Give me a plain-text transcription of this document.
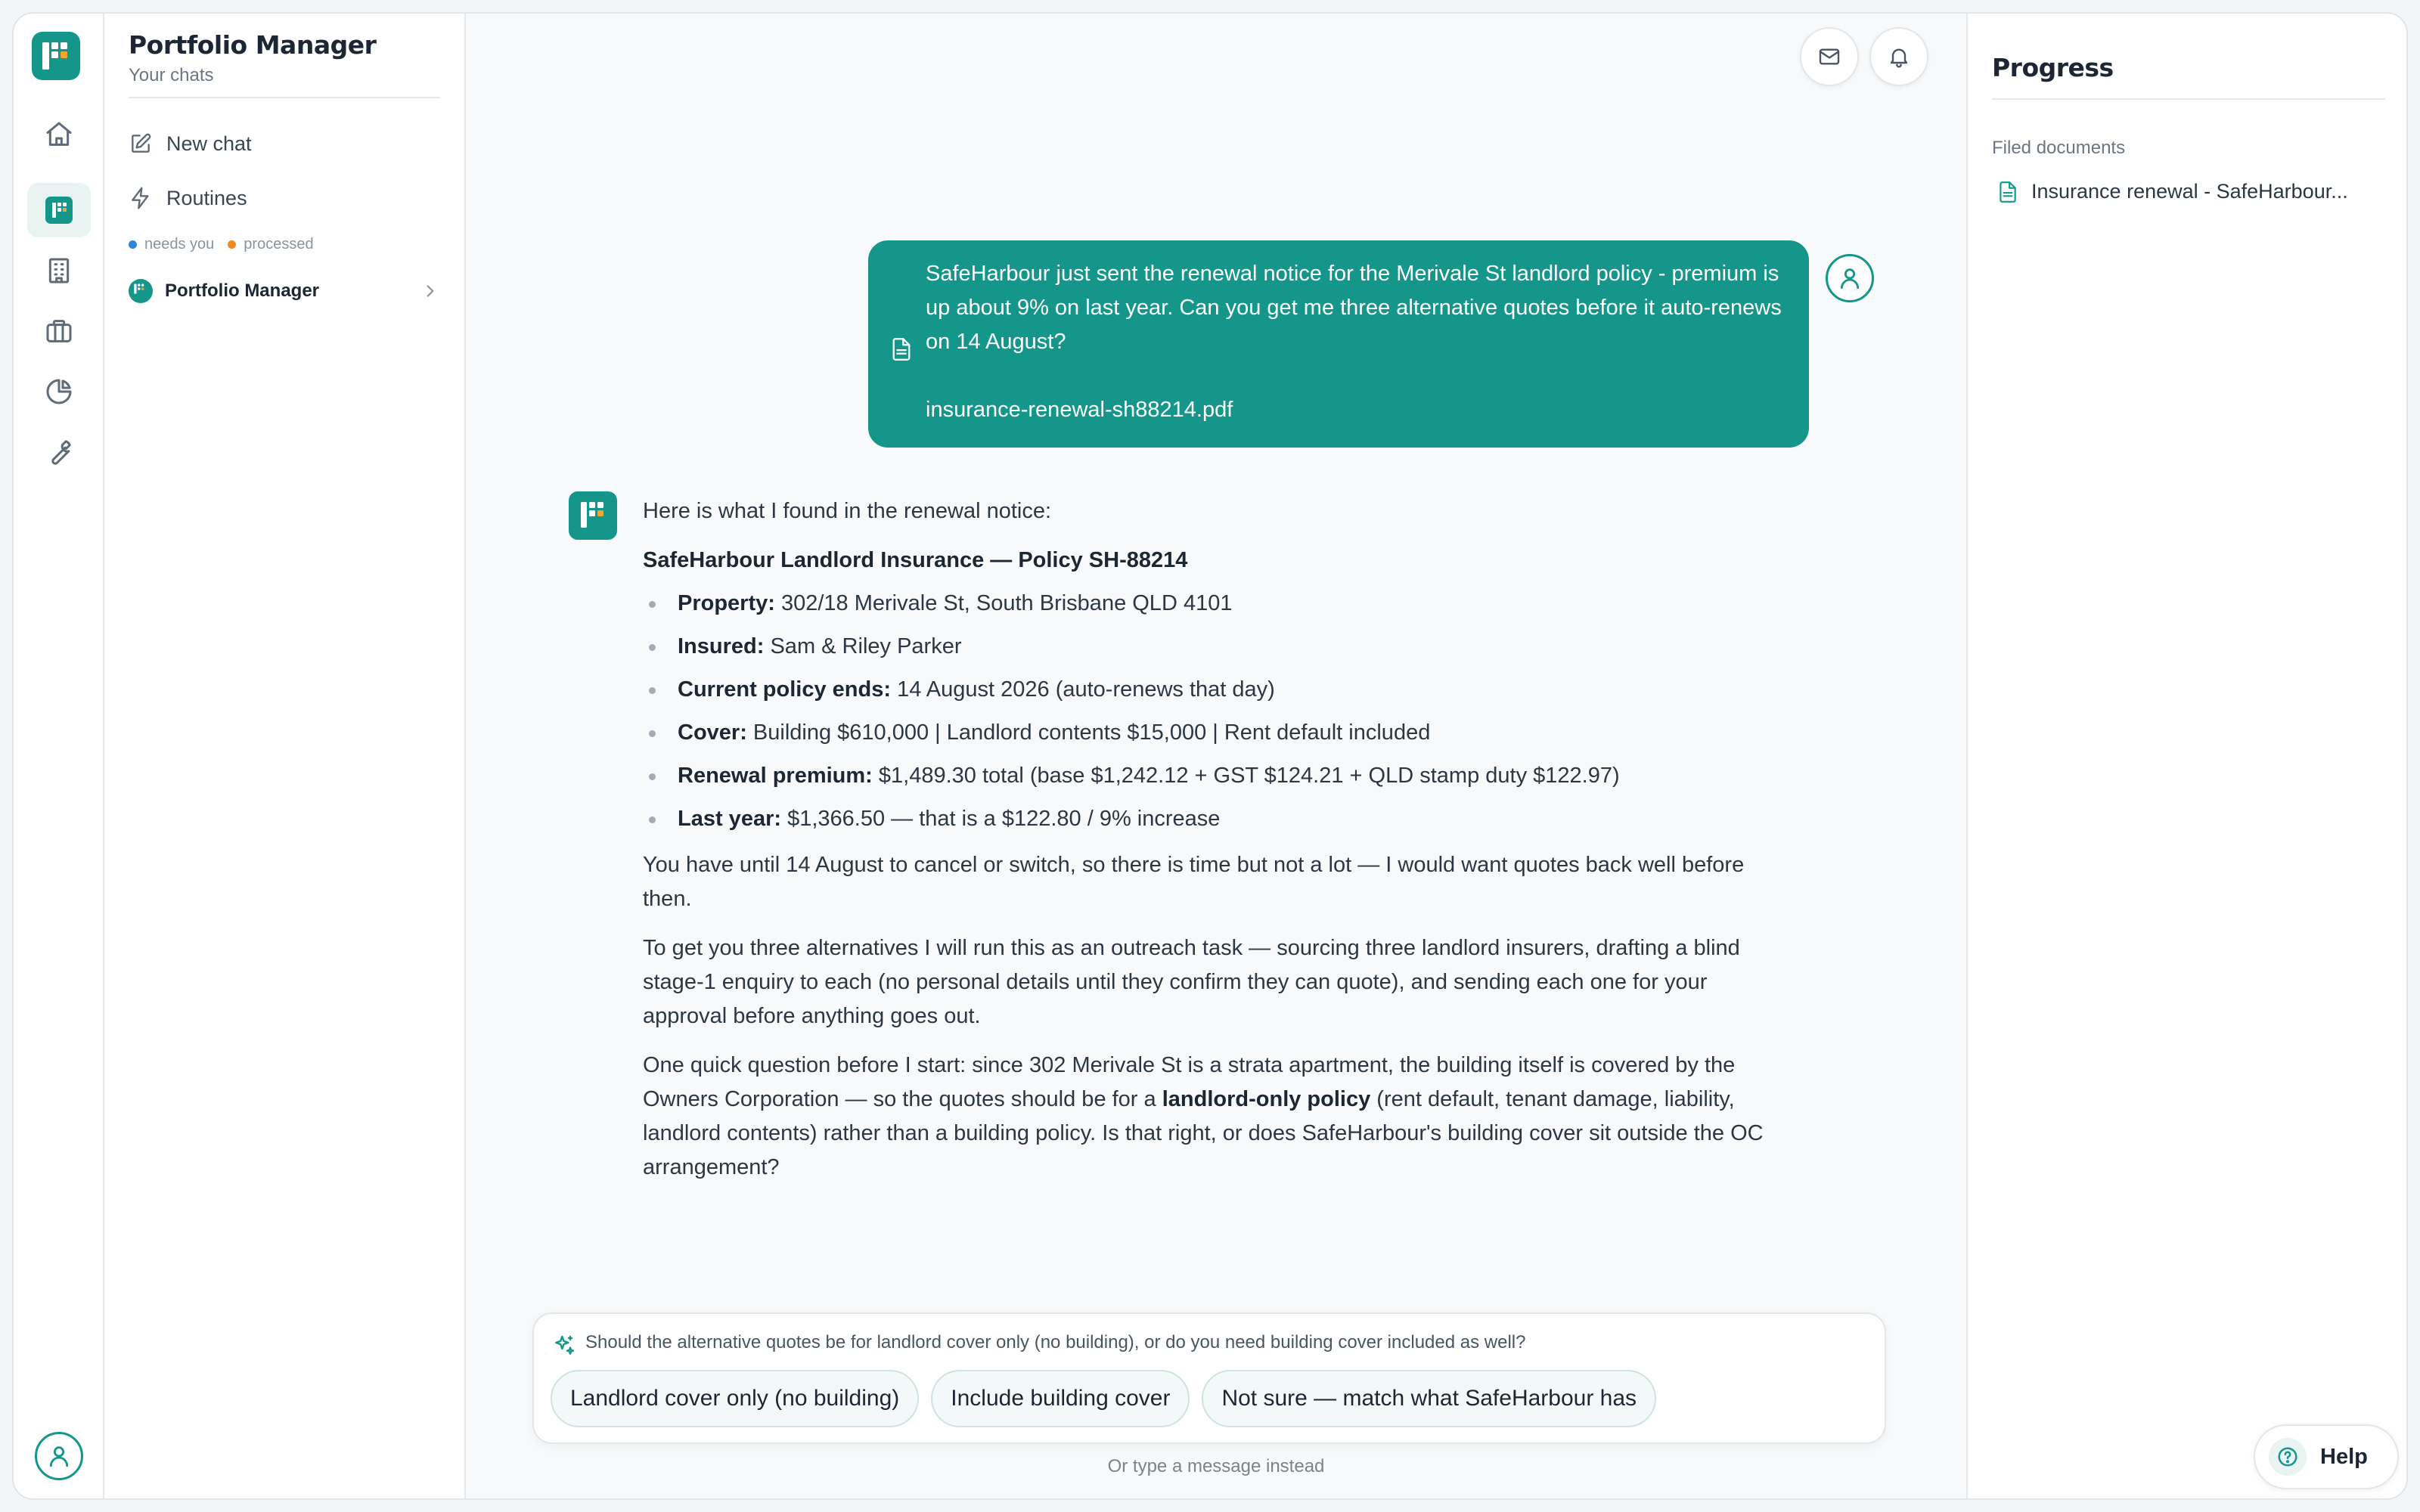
Portfolio Manager
Your chats
New chat
Routines
needs you processed
Portfolio Manager
SafeHarbour just sent the renewal notice for the Merivale St landlord policy - premium is up about 9% on last year. Can you get me three alternative quotes before it auto-renews on 14 August?
insurance-renewal-sh88214.pdf

Here is what I found in the renewal notice:

SafeHarbour Landlord Insurance — Policy SH-88214

Property: 302/18 Merivale St, South Brisbane QLD 4101
Insured: Sam & Riley Parker
Current policy ends: 14 August 2026 (auto-renews that day)
Cover: Building $610,000 | Landlord contents $15,000 | Rent default included
Renewal premium: $1,489.30 total (base $1,242.12 + GST $124.21 + QLD stamp duty $122.97)
Last year: $1,366.50 — that is a $122.80 / 9% increase

You have until 14 August to cancel or switch, so there is time but not a lot — I would want quotes back well before then.

To get you three alternatives I will run this as an outreach task — sourcing three landlord insurers, drafting a blind stage-1 enquiry to each (no personal details until they confirm they can quote), and sending each one for your approval before anything goes out.

One quick question before I start: since 302 Merivale St is a strata apartment, the building itself is covered by the Owners Corporation — so the quotes should be for a landlord-only policy (rent default, tenant damage, liability, landlord contents) rather than a building policy. Is that right, or does SafeHarbour's building cover sit outside the OC arrangement?

Should the alternative quotes be for landlord cover only (no building), or do you need building cover included as well?
Landlord cover only (no building)	Include building cover	Not sure — match what SafeHarbour has
Or type a message instead
Progress
Filed documents
Insurance renewal - SafeHarbour...
Help
